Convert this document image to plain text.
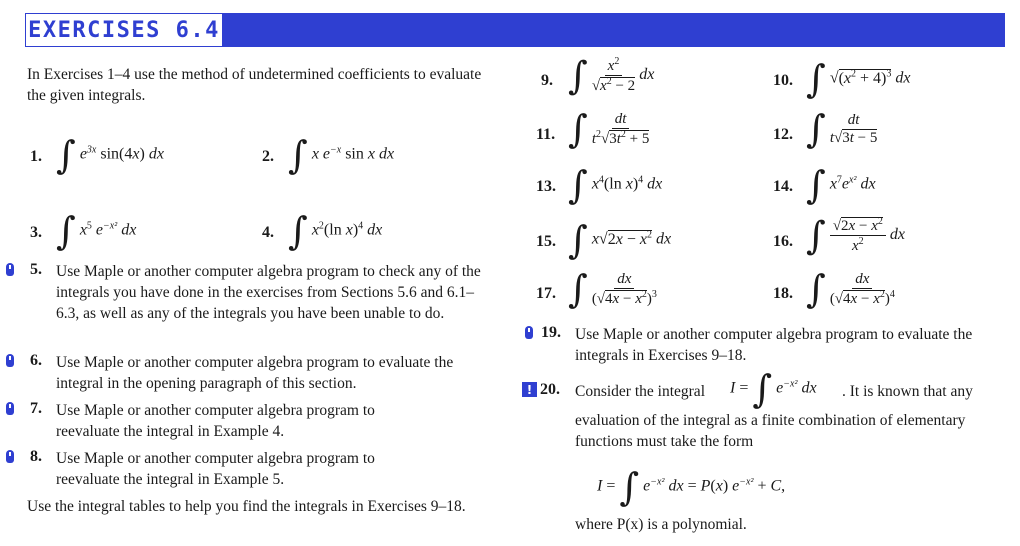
EXERCISES 6.4
In Exercises 1–4 use the method of undetermined coefficients to evaluate the given integrals.
1. ∫ $e^{3x}$ sin(4x) dx	2. ∫ x $e^{-x}$ sin x dx
3. ∫ $x^5$ $e^{-x^2}$ dx	4. ∫ $x^2(\ln$ x)$^4$ dx
5. Use Maple or another computer algebra program to check any of the integrals you have done in the exercises from Sections 5.6 and 6.1–6.3, as well as any of the integrals you have been unable to do.
6. Use Maple or another computer algebra program to evaluate the integral in the opening paragraph of this section.
7. Use Maple or another computer algebra program to reevaluate the integral in Example 4.
8. Use Maple or another computer algebra program to reevaluate the integral in Example 5.
Use the integral tables to help you find the integrals in Exercises 9–18.
9. ∫ $\frac{x^2}{√x^2 - 2}$ dx	10. ∫ $√(x^2 + 4)^3$ dx
11. ∫ $\frac{dt}{t^2√3t^2 + 5}$	12. ∫ $\frac{dt}{t√3t - 5}$
13. ∫ $x^4(\ln$ x)$^4$ dx	14. ∫ $x^7e^{x^2}$ dx
15. ∫ $x√2x - x^2$ dx	16. ∫ $\frac{√2x - x^2}{x^2}$ dx
17. ∫ $\frac{dx}{(√4x - x^2)^3}$	18. ∫ $\frac{dx}{(√4x - x^2)^4}$
19. Use Maple or another computer algebra program to evaluate the integrals in Exercises 9–18.
! 20. Consider the integral I = ∫ $e^{-x^2}$ dx . It is known that any
evaluation of the integral as a finite combination of elementary functions must take the form
I = ∫ $e^{-x^2}$ dx = P(x) $e^{-x^2} + C$,
where P(x) is a polynomial.
